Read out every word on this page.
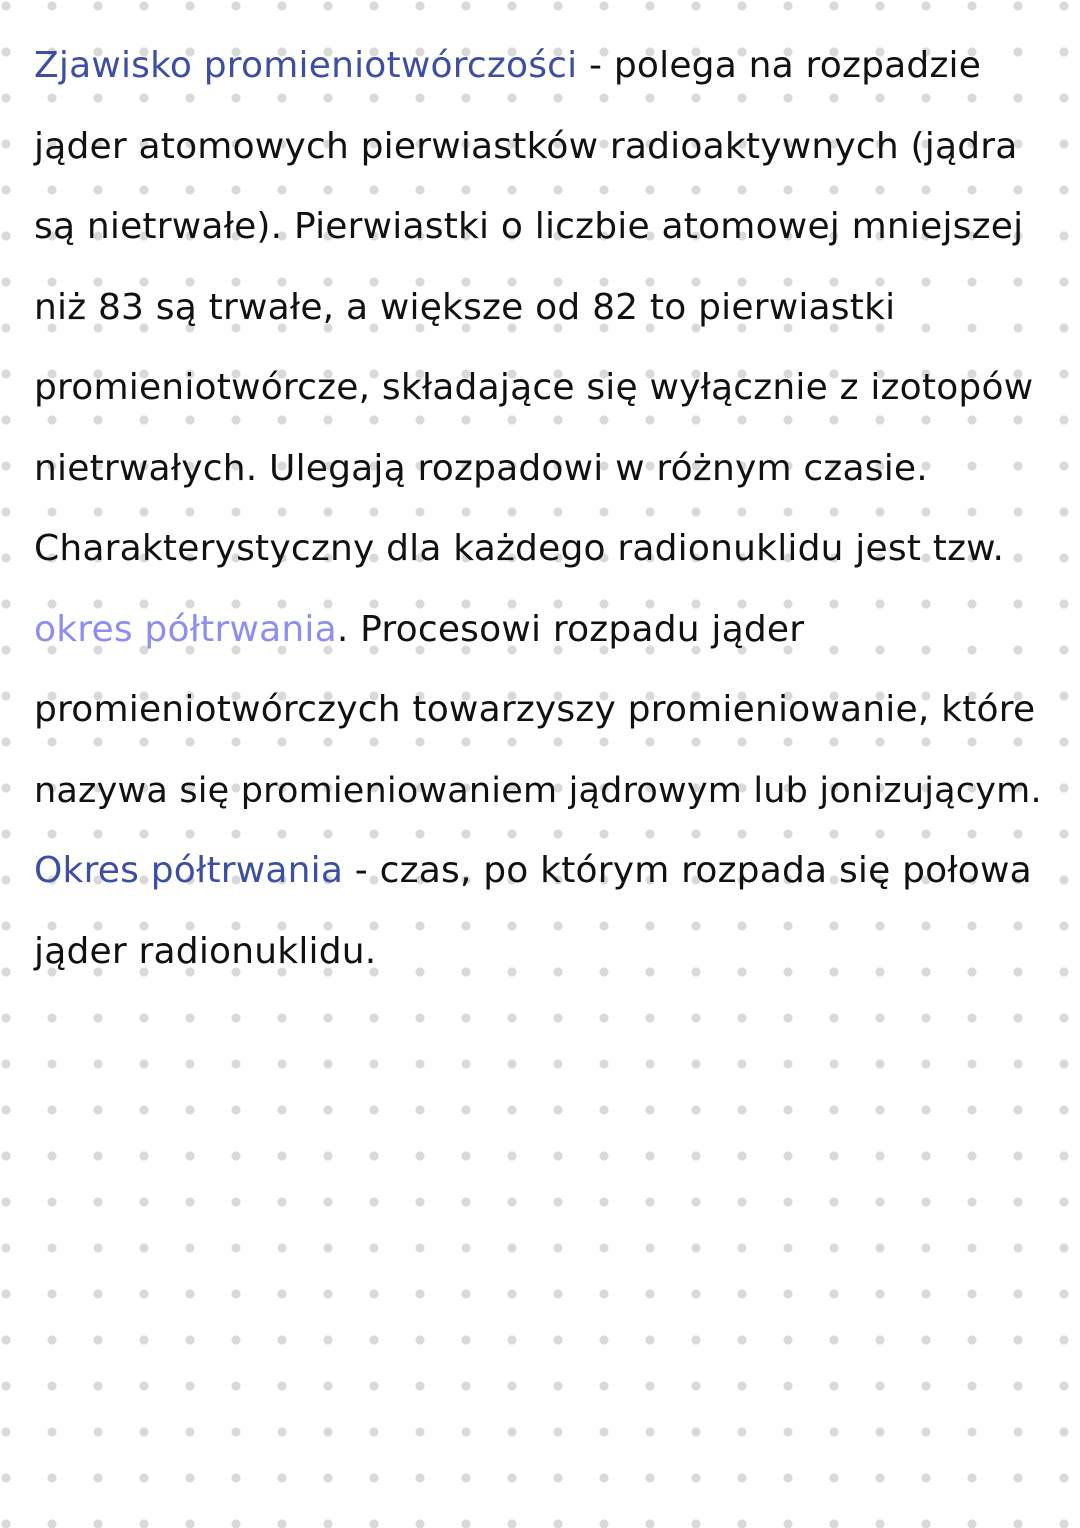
Zjawisko promieniotwórczości - polega na rozpadzie
jąder atomowych pierwiastków radioaktywnych (jądra
są nietrwałe). Pierwiastki o liczbie atomowej mniejszej
niż 83 są trwałe, a większe od 82 to pierwiastki
promieniotwórcze, składające się wyłącznie z izotopów
nietrwałych. Ulegają rozpadowi w różnym czasie.
Charakterystyczny dla każdego radionuklidu jest tzw.
okres półtrwania. Procesowi rozpadu jąder
promieniotwórczych towarzyszy promieniowanie, które
nazywa się promieniowaniem jądrowym lub jonizującym.
Okres półtrwania - czas, po którym rozpada się połowa
jąder radionuklidu.
